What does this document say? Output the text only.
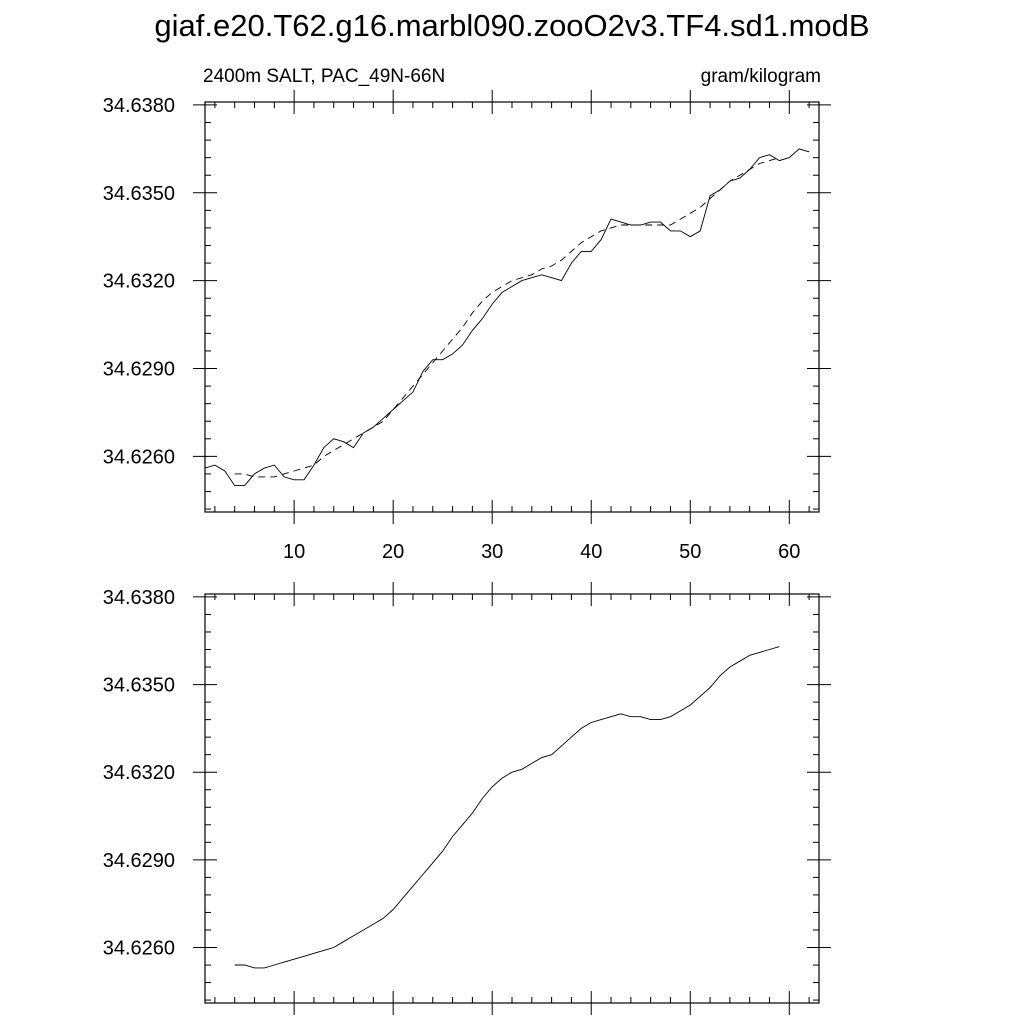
giaf.e20.T62.g16.marbl090.zooO2v3.TF4.sd1.modB
34.6260
34.6290
34.6320
34.6350
34.6380
10	20	30	40	50	60
2400m SALT, PAC_49N-66N	gram/kilogram
34.6260
34.6290
34.6320
34.6350
34.6380
